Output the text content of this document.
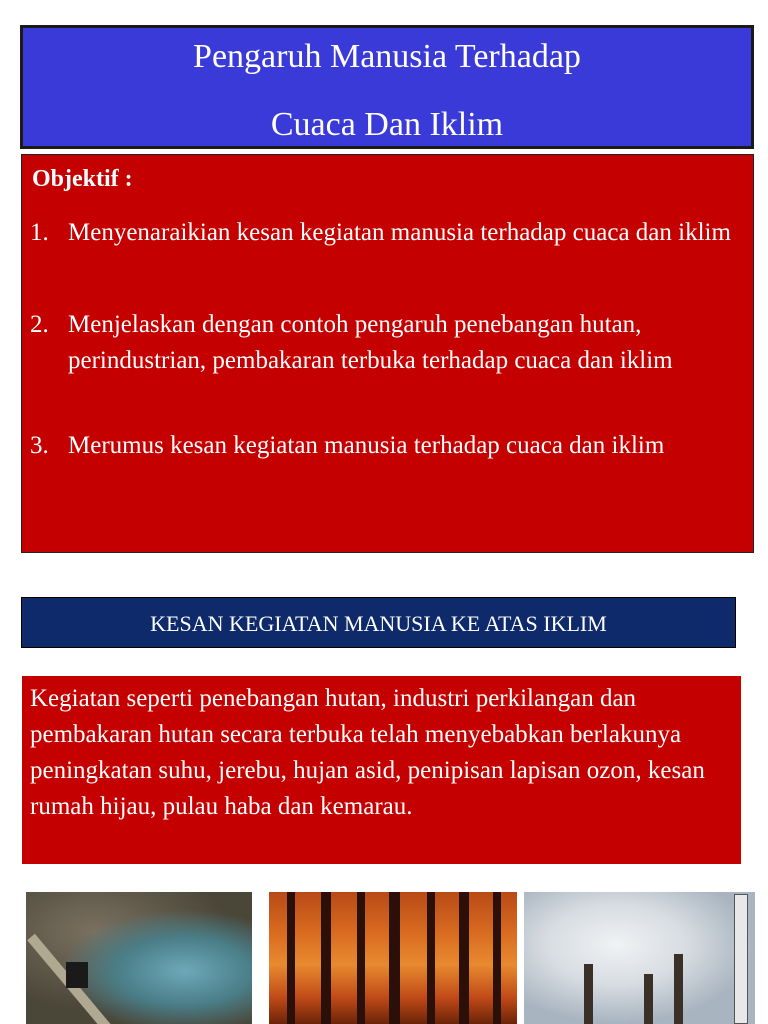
Pengaruh Manusia Terhadap
Cuaca Dan Iklim
Objektif :
1. Menyenaraikian kesan kegiatan manusia terhadap cuaca dan iklim
2. Menjelaskan dengan contoh pengaruh penebangan hutan, perindustrian, pembakaran terbuka terhadap cuaca dan iklim
3. Merumus kesan kegiatan manusia terhadap cuaca dan iklim
KESAN KEGIATAN MANUSIA KE ATAS IKLIM
Kegiatan seperti penebangan hutan, industri perkilangan dan pembakaran hutan secara terbuka telah menyebabkan berlakunya peningkatan suhu, jerebu, hujan asid, penipisan lapisan ozon, kesan rumah hijau, pulau haba dan kemarau.
